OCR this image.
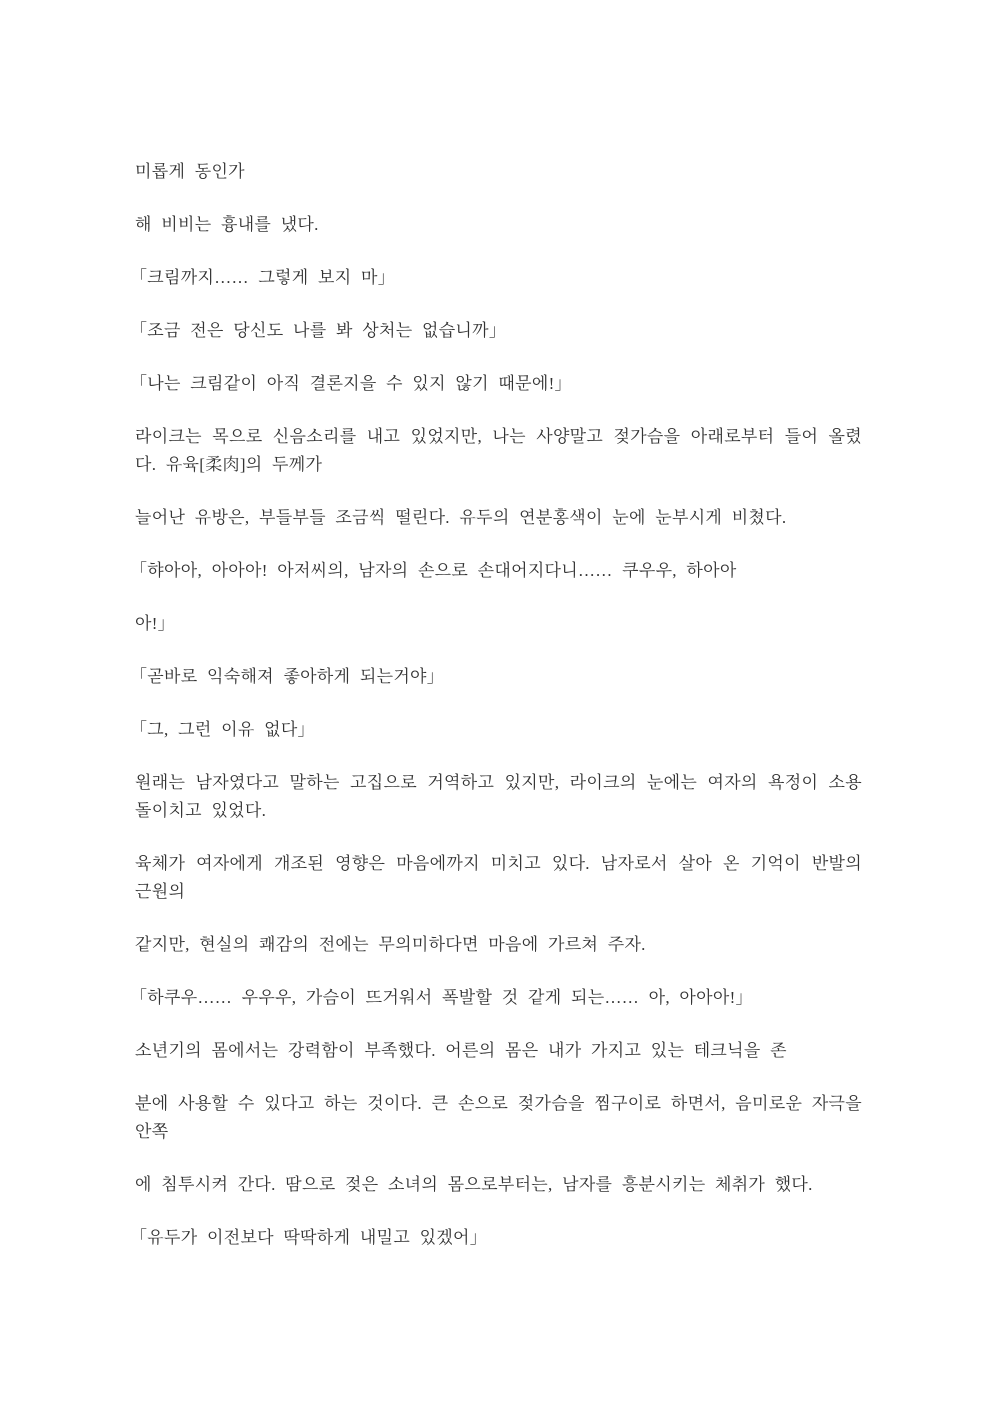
미롭게 동인가

해 비비는 흉내를 냈다.

「크림까지…… 그렇게 보지 마」

「조금 전은 당신도 나를 봐 상처는 없습니까」

「나는 크림같이 아직 결론지을 수 있지 않기 때문에!」

라이크는 목으로 신음소리를 내고 있었지만, 나는 사양말고 젖가슴을 아래로부터 들어 올렸다. 유육[柔肉]의 두께가

늘어난 유방은, 부들부들 조금씩 떨린다. 유두의 연분홍색이 눈에 눈부시게 비쳤다.

「햐아아, 아아아! 아저씨의, 남자의 손으로 손대어지다니…… 쿠우우, 하아아

아!」

「곧바로 익숙해져 좋아하게 되는거야」

「그, 그런 이유 없다」

원래는 남자였다고 말하는 고집으로 거역하고 있지만, 라이크의 눈에는 여자의 욕정이 소용돌이치고 있었다.

육체가 여자에게 개조된 영향은 마음에까지 미치고 있다. 남자로서 살아 온 기억이 반발의 근원의

같지만, 현실의 쾌감의 전에는 무의미하다면 마음에 가르쳐 주자.

「하쿠우…… 우우우, 가슴이 뜨거워서 폭발할 것 같게 되는…… 아, 아아아!」

소년기의 몸에서는 강력함이 부족했다. 어른의 몸은 내가 가지고 있는 테크닉을 존

분에 사용할 수 있다고 하는 것이다. 큰 손으로 젖가슴을 찜구이로 하면서, 음미로운 자극을 안쪽

에 침투시켜 간다. 땀으로 젖은 소녀의 몸으로부터는, 남자를 흥분시키는 체취가 했다.

「유두가 이전보다 딱딱하게 내밀고 있겠어」
